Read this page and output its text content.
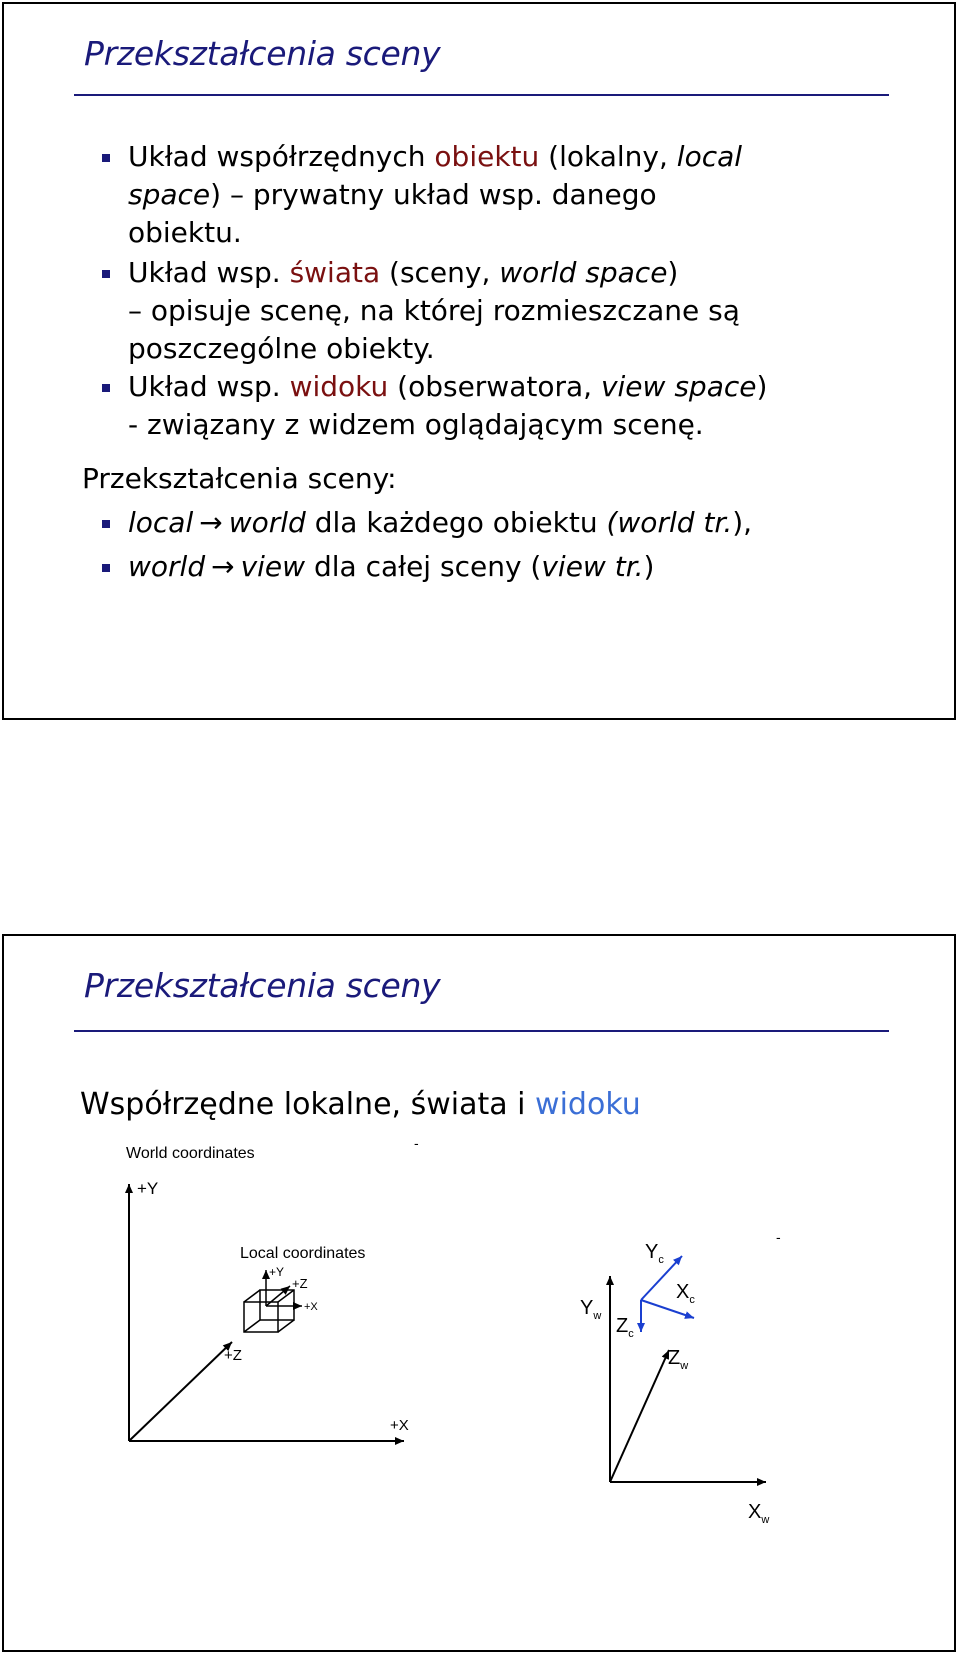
Przekształcenia sceny
Układ współrzędnych obiektu (lokalny, local
space) – prywatny układ wsp. danego
obiektu.
Układ wsp. świata (sceny, world space)
– opisuje scenę, na której rozmieszczane są
poszczególne obiekty.
Układ wsp. widoku (obserwatora, view space)
- związany z widzem oglądającym scenę.
Przekształcenia sceny:
local → world dla każdego obiektu (world tr.),
world → view dla całej sceny (view tr.)
Przekształcenia sceny
Współrzędne lokalne, świata i widoku
World coordinates
-
+Y
+X
+Z
Local coordinates
+Y
+Z
+X
-
$Y_w$
$X_w$
$Z_w$
$Z_c$
$Y_c$
$X_c$
